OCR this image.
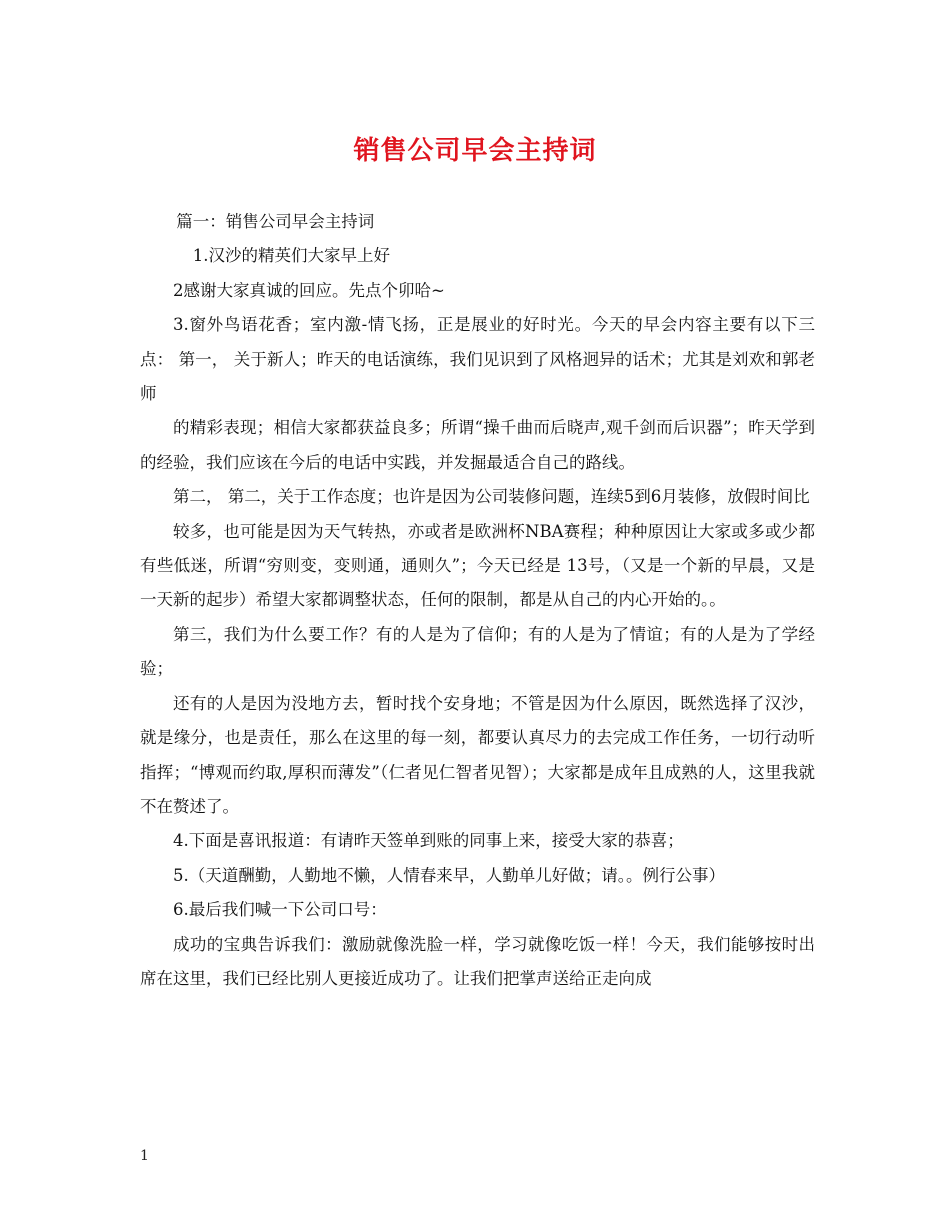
销售公司早会主持词

篇一：销售公司早会主持词

1.汉沙的精英们大家早上好

2感谢大家真诚的回应。先点个卯哈~

3.窗外鸟语花香；室内激-情飞扬，正是展业的好时光。今天的早会内容主要有以下三点： 第一， 关于新人；昨天的电话演练，我们见识到了风格迥异的话术；尤其是刘欢和郭老师

的精彩表现；相信大家都获益良多；所谓“操千曲而后晓声,观千剑而后识器”；昨天学到的经验，我们应该在今后的电话中实践，并发掘最适合自己的路线。

第二， 第二，关于工作态度；也许是因为公司装修问题，连续5到6月装修，放假时间比

较多，也可能是因为天气转热，亦或者是欧洲杯NBA赛程；种种原因让大家或多或少都有些低迷，所谓“穷则变，变则通，通则久”；今天已经是 13号，（又是一个新的早晨，又是一天新的起步）希望大家都调整状态，任何的限制，都是从自己的内心开始的。。

第三，我们为什么要工作？有的人是为了信仰；有的人是为了情谊；有的人是为了学经验；

还有的人是因为没地方去，暂时找个安身地；不管是因为什么原因，既然选择了汉沙，就是缘分，也是责任，那么在这里的每一刻，都要认真尽力的去完成工作任务，一切行动听指挥；“博观而约取,厚积而薄发”（仁者见仁智者见智）；大家都是成年且成熟的人，这里我就不在赘述了。

4.下面是喜讯报道：有请昨天签单到账的同事上来，接受大家的恭喜；

5.（天道酬勤，人勤地不懒，人情春来早，人勤单儿好做；请。。例行公事）

6.最后我们喊一下公司口号：

成功的宝典告诉我们：激励就像洗脸一样，学习就像吃饭一样！今天，我们能够按时出席在这里，我们已经比别人更接近成功了。让我们把掌声送给正走向成

1
